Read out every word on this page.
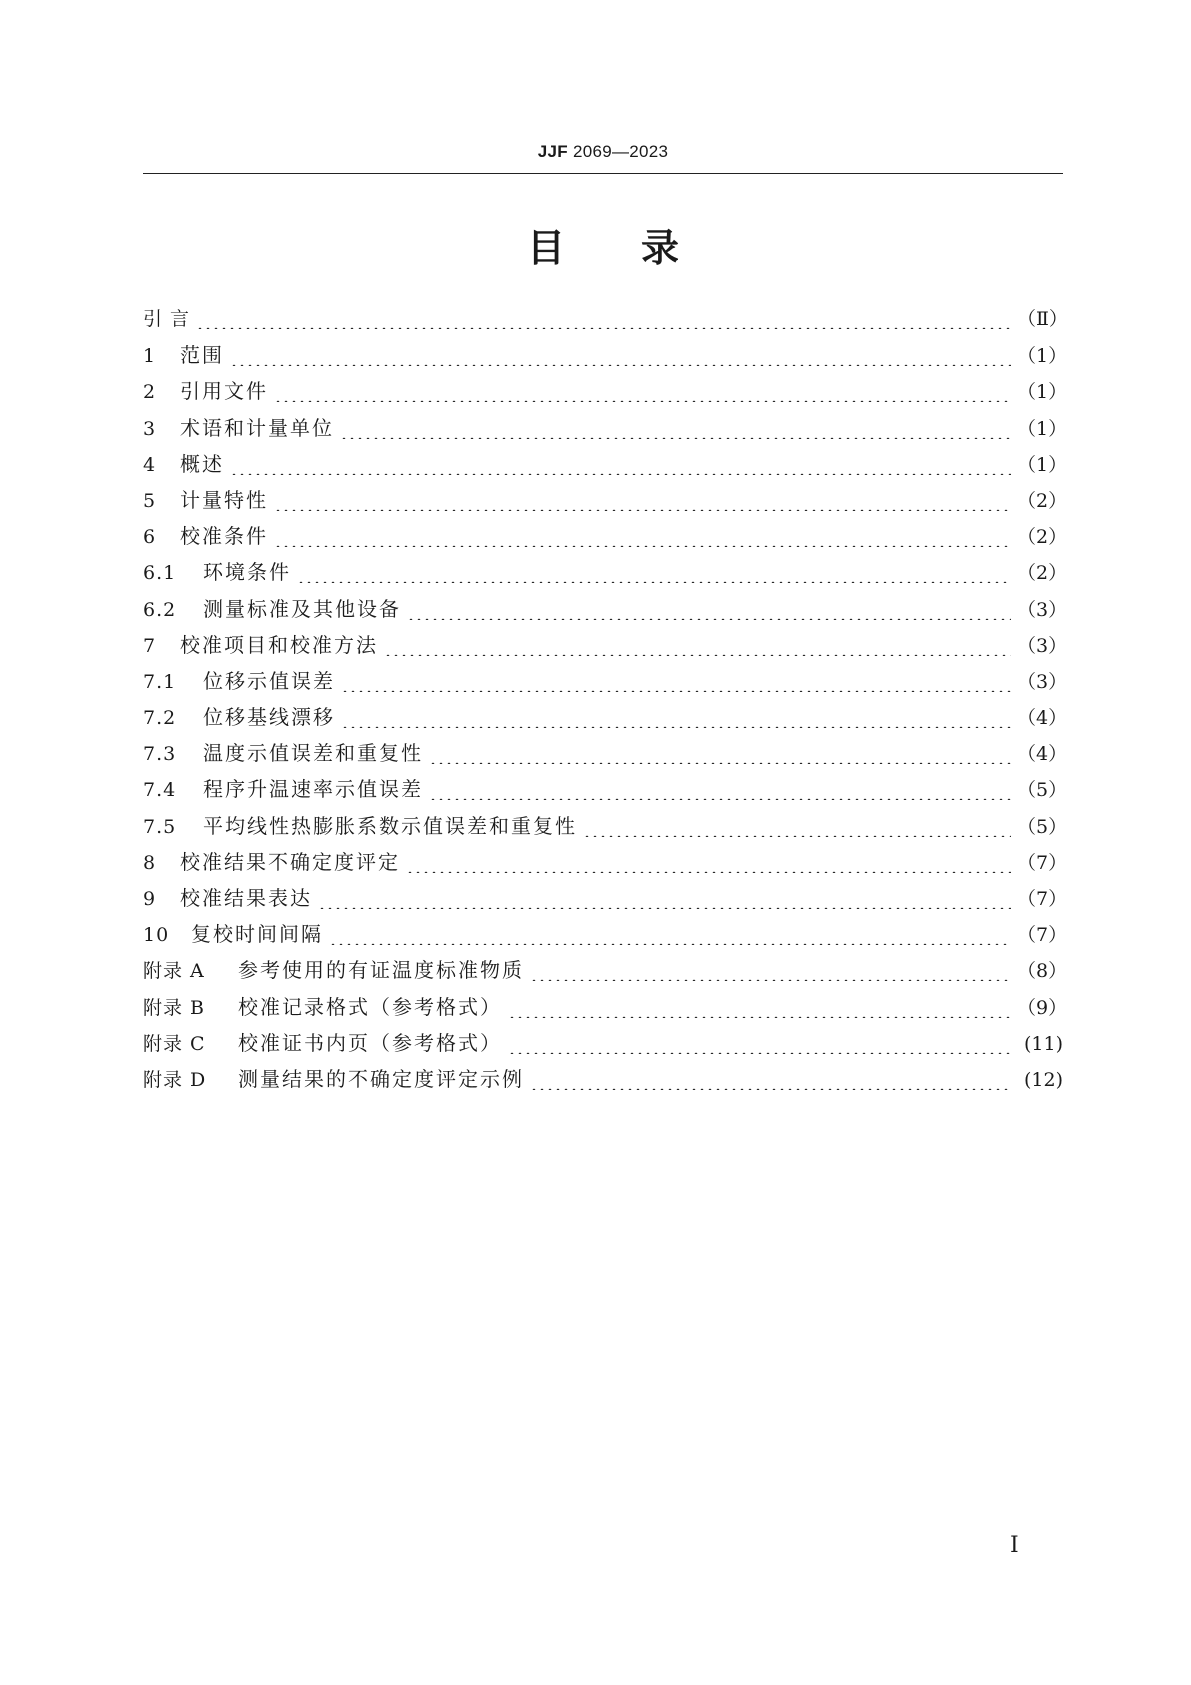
JJF 2069—2023
目录
引 言	（Ⅱ）
1	范围	（1）
2	引用文件	（1）
3	术语和计量单位	（1）
4	概述	（1）
5	计量特性	（2）
6	校准条件	（2）
6.1	环境条件	（2）
6.2	测量标准及其他设备	（3）
7	校准项目和校准方法	（3）
7.1	位移示值误差	（3）
7.2	位移基线漂移	（4）
7.3	温度示值误差和重复性	（4）
7.4	程序升温速率示值误差	（5）
7.5	平均线性热膨胀系数示值误差和重复性	（5）
8	校准结果不确定度评定	（7）
9	校准结果表达	（7）
10	复校时间间隔	（7）
附录 A	参考使用的有证温度标准物质	（8）
附录 B	校准记录格式（参考格式）	（9）
附录 C	校准证书内页（参考格式）	(11)
附录 D	测量结果的不确定度评定示例	(12)
Ⅰ
